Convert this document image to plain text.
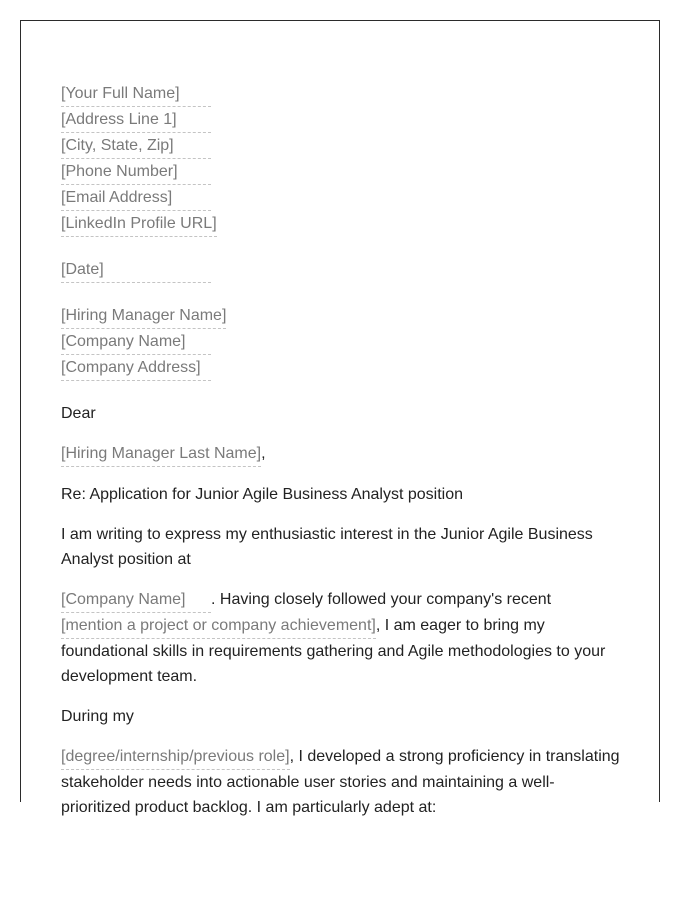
[Your Full Name]
[Address Line 1]
[City, State, Zip]
[Phone Number]
[Email Address]
[LinkedIn Profile URL]
[Date]
[Hiring Manager Name]
[Company Name]
[Company Address]

Dear

[Hiring Manager Last Name],

Re: Application for Junior Agile Business Analyst position

I am writing to express my enthusiastic interest in the Junior Agile Business Analyst position at

[Company Name] . Having closely followed your company's recent
[mention a project or company achievement], I am eager to bring my foundational skills in requirements gathering and Agile methodologies to your development team.

During my

[degree/internship/previous role], I developed a strong proficiency in translating stakeholder needs into actionable user stories and maintaining a well-prioritized product backlog. I am particularly adept at:
